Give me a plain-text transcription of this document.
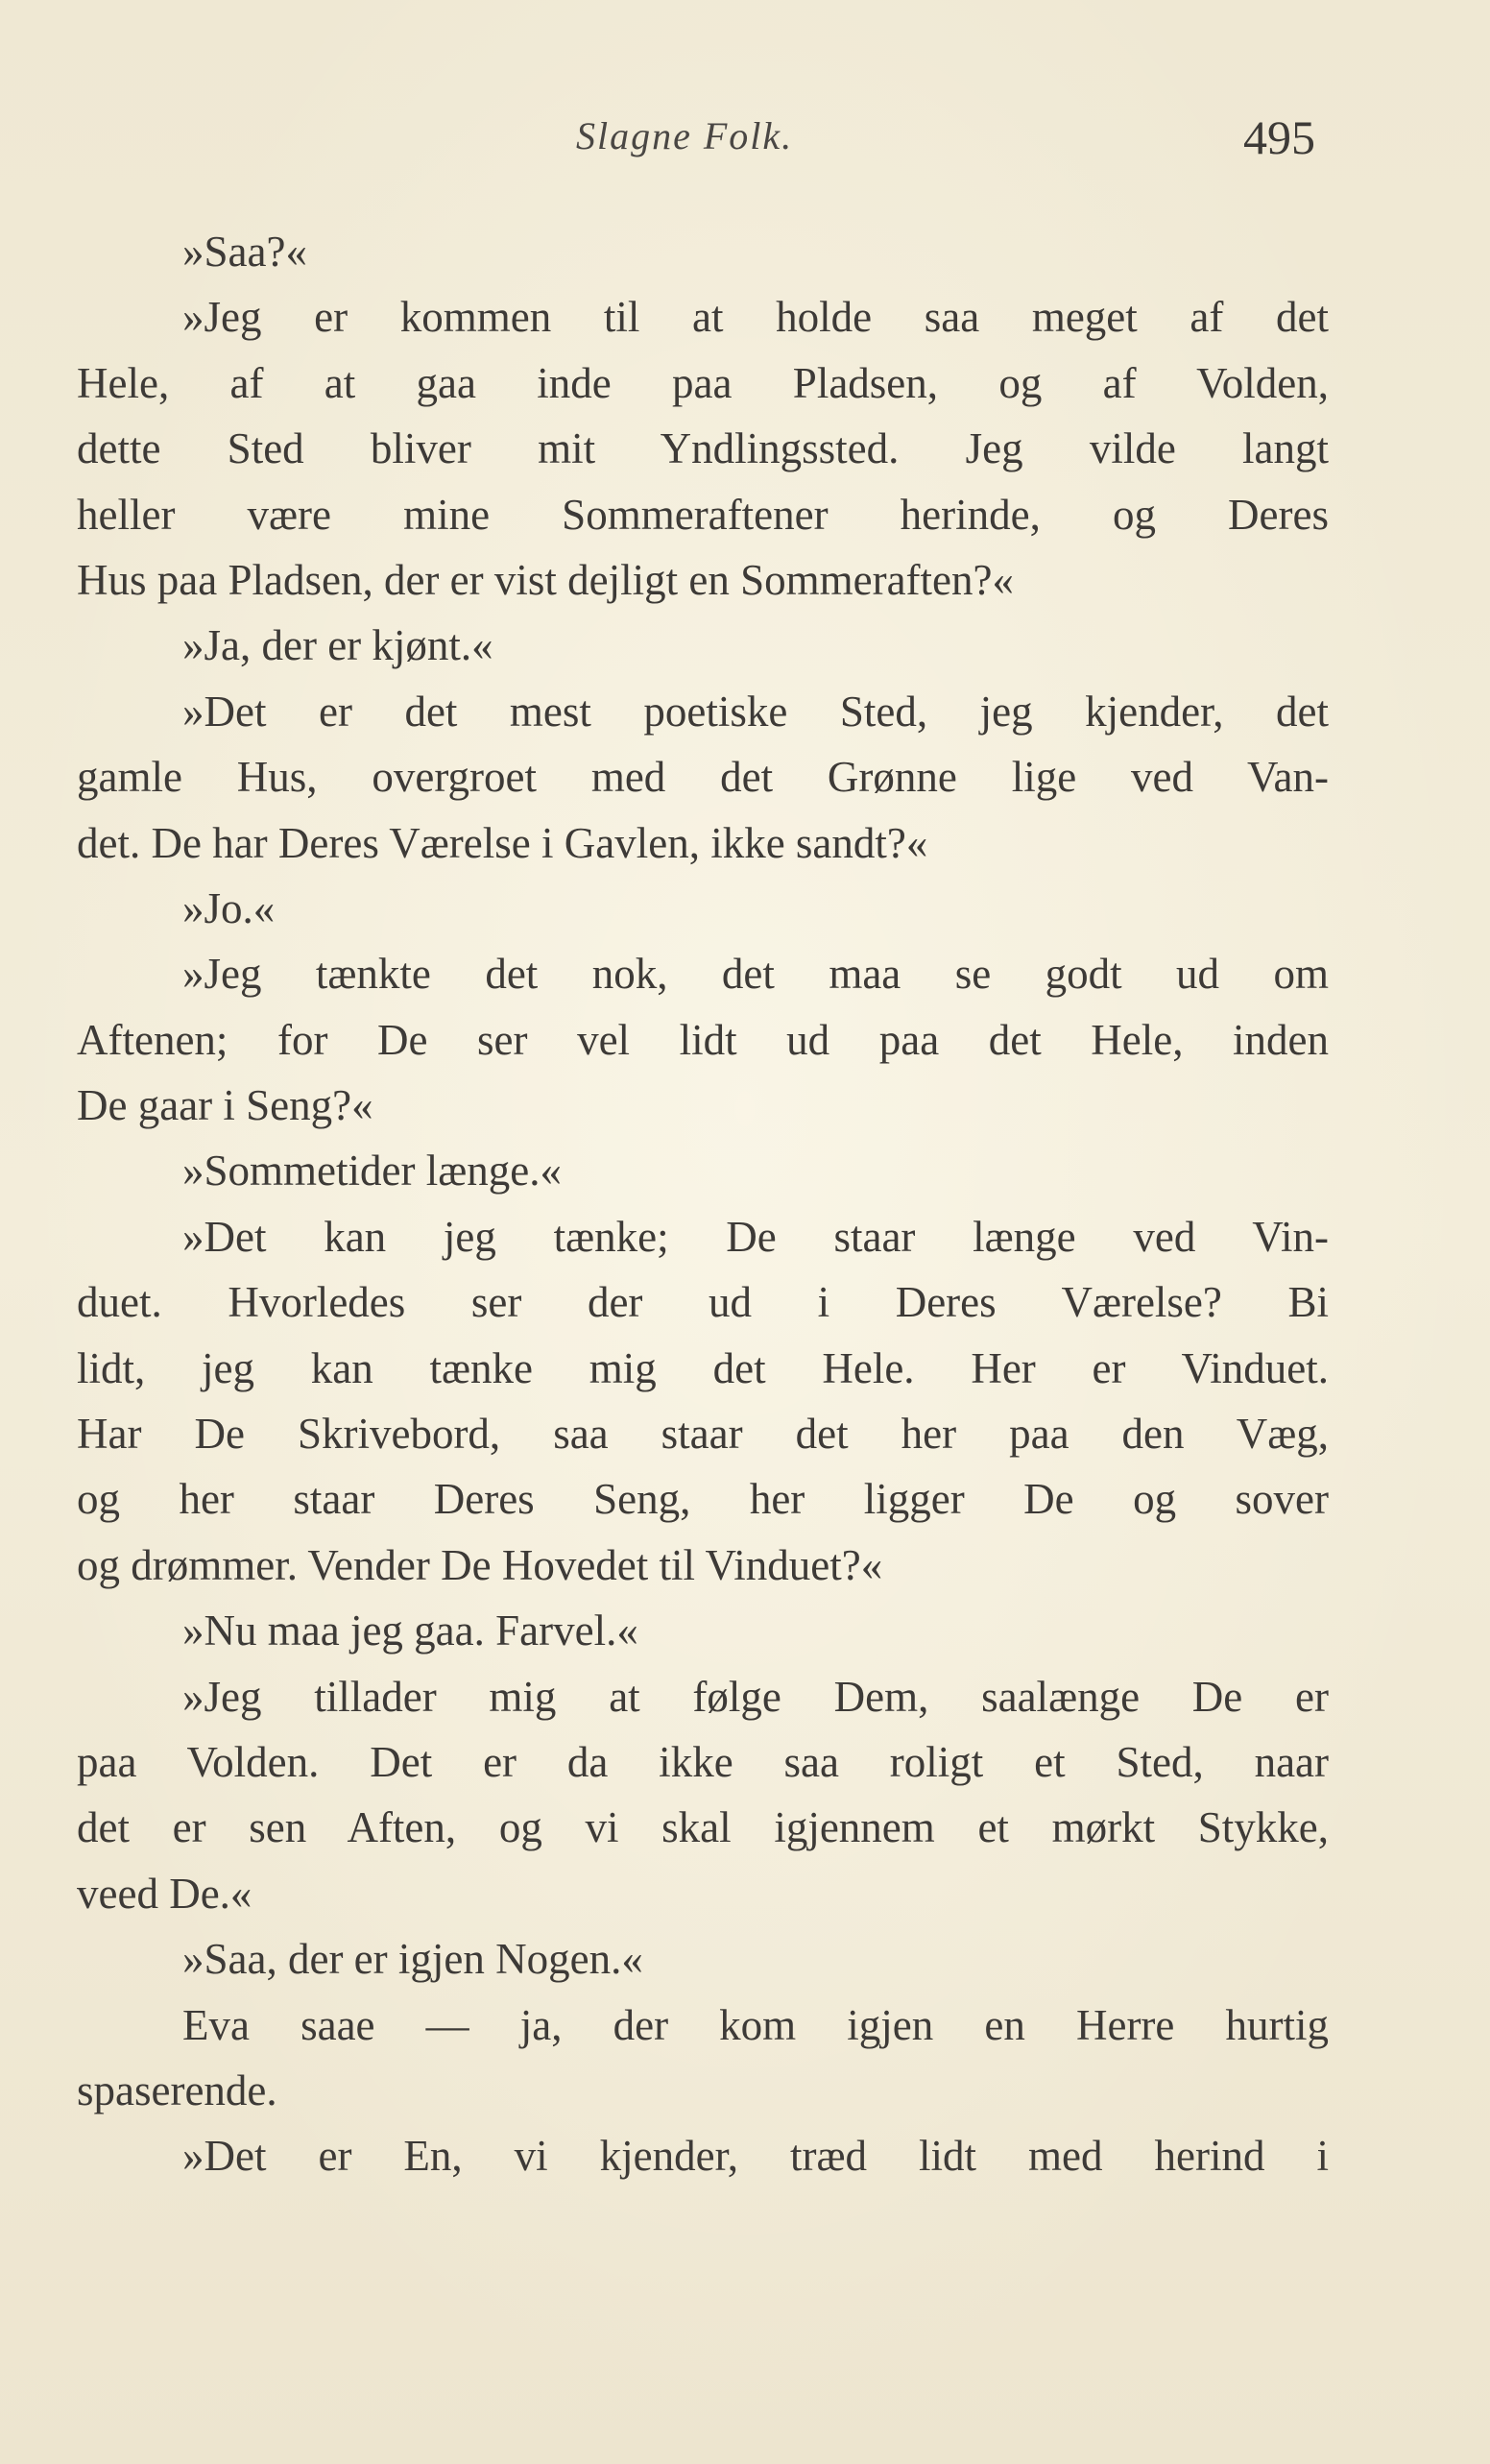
Slagne Folk.	495
»Saa?«
»Jeg er kommen til at holde saa meget af det
Hele, af at gaa inde paa Pladsen, og af Volden,
dette Sted bliver mit Yndlingssted. Jeg vilde langt
heller være mine Sommeraftener herinde, og Deres
Hus paa Pladsen, der er vist dejligt en Sommeraften?«
»Ja, der er kjønt.«
»Det er det mest poetiske Sted, jeg kjender, det
gamle Hus, overgroet med det Grønne lige ved Van-
det. De har Deres Værelse i Gavlen, ikke sandt?«
»Jo.«
»Jeg tænkte det nok, det maa se godt ud om
Aftenen; for De ser vel lidt ud paa det Hele, inden
De gaar i Seng?«
»Sommetider længe.«
»Det kan jeg tænke; De staar længe ved Vin-
duet. Hvorledes ser der ud i Deres Værelse? Bi
lidt, jeg kan tænke mig det Hele. Her er Vinduet.
Har De Skrivebord, saa staar det her paa den Væg,
og her staar Deres Seng, her ligger De og sover
og drømmer. Vender De Hovedet til Vinduet?«
»Nu maa jeg gaa. Farvel.«
»Jeg tillader mig at følge Dem, saalænge De er
paa Volden. Det er da ikke saa roligt et Sted, naar
det er sen Aften, og vi skal igjennem et mørkt Stykke,
veed De.«
»Saa, der er igjen Nogen.«
Eva saae — ja, der kom igjen en Herre hurtig
spaserende.
»Det er En, vi kjender, træd lidt med herind i
